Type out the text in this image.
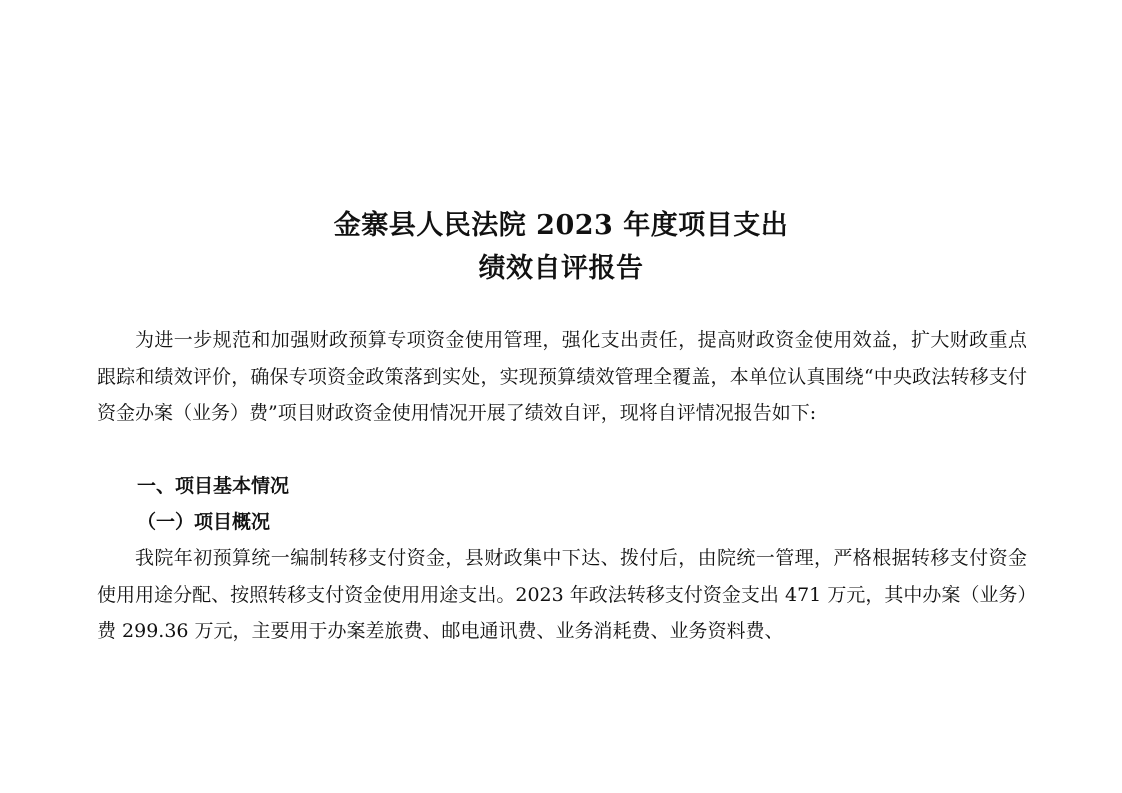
金寨县人民法院 2023 年度项目支出
绩效自评报告

为进一步规范和加强财政预算专项资金使用管理，强化支出责任，提高财政资金使用效益，扩大财政重点跟踪和绩效评价，确保专项资金政策落到实处，实现预算绩效管理全覆盖，本单位认真围绕“中央政法转移支付资金办案（业务）费”项目财政资金使用情况开展了绩效自评，现将自评情况报告如下:

一、项目基本情况
（一）项目概况

我院年初预算统一编制转移支付资金，县财政集中下达、拨付后，由院统一管理，严格根据转移支付资金使用用途分配、按照转移支付资金使用用途支出。2023 年政法转移支付资金支出 471 万元，其中办案（业务）费 299.36 万元，主要用于办案差旅费、邮电通讯费、业务消耗费、业务资料费、
